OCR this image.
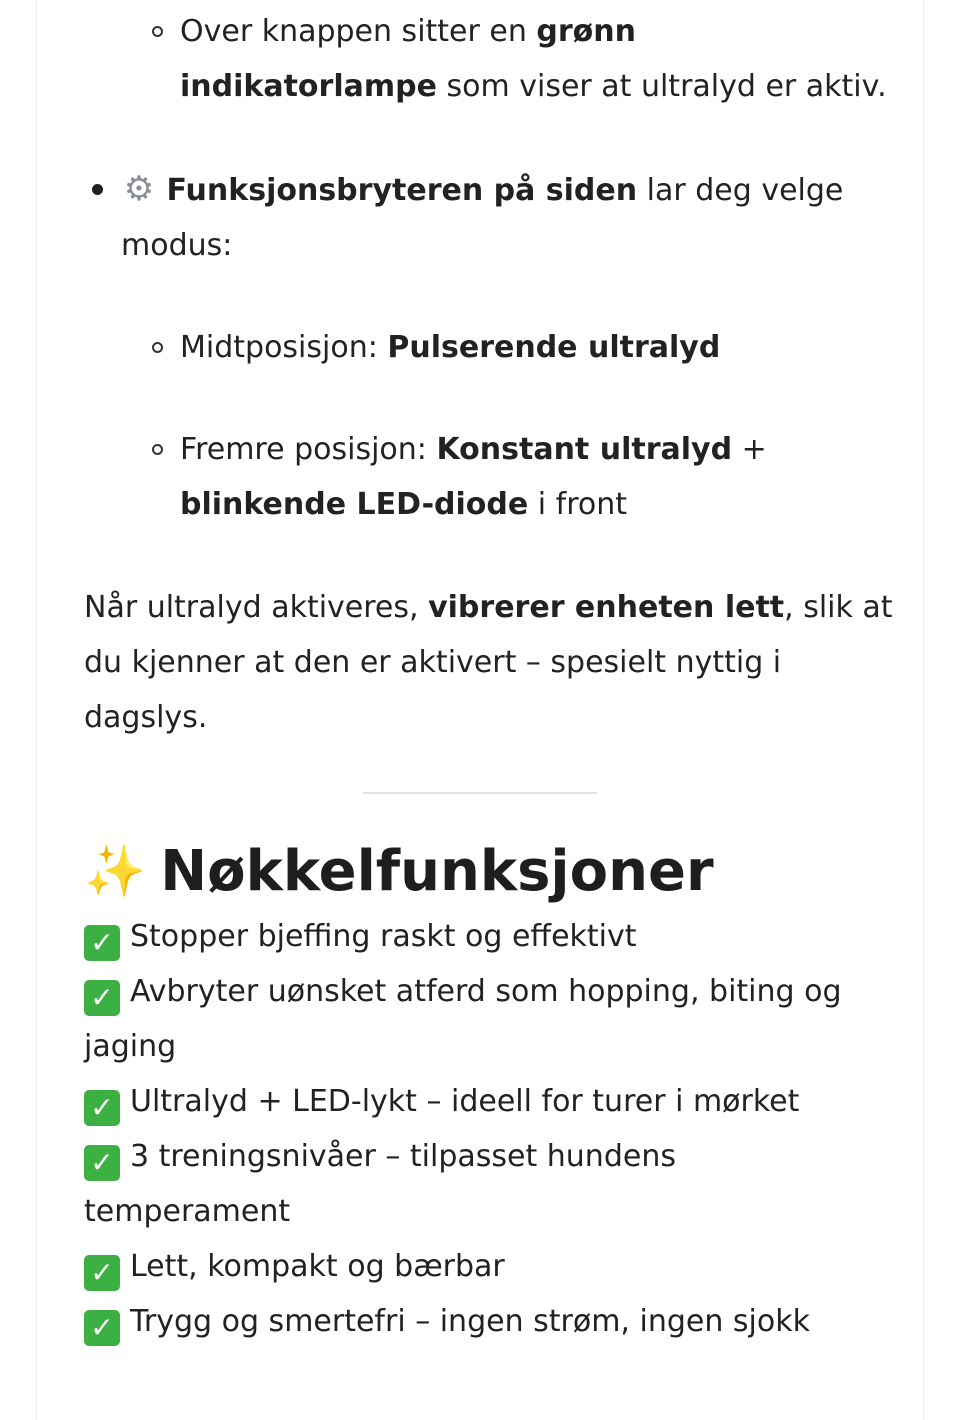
Over knappen sitter en grønn
indikatorlampe som viser at ultralyd er aktiv.
⚙ Funksjonsbryteren på siden lar deg velge
modus:
Midtposisjon: Pulserende ultralyd
Fremre posisjon: Konstant ultralyd +
blinkende LED-diode i front
Når ultralyd aktiveres, vibrerer enheten lett, slik at
du kjenner at den er aktivert – spesielt nyttig i
dagslys.
✨ Nøkkelfunksjoner
✓ Stopper bjeffing raskt og effektivt
✓ Avbryter uønsket atferd som hopping, biting og
jaging
✓ Ultralyd + LED-lykt – ideell for turer i mørket
✓ 3 treningsnivåer – tilpasset hundens
temperament
✓ Lett, kompakt og bærbar
✓ Trygg og smertefri – ingen strøm, ingen sjokk
